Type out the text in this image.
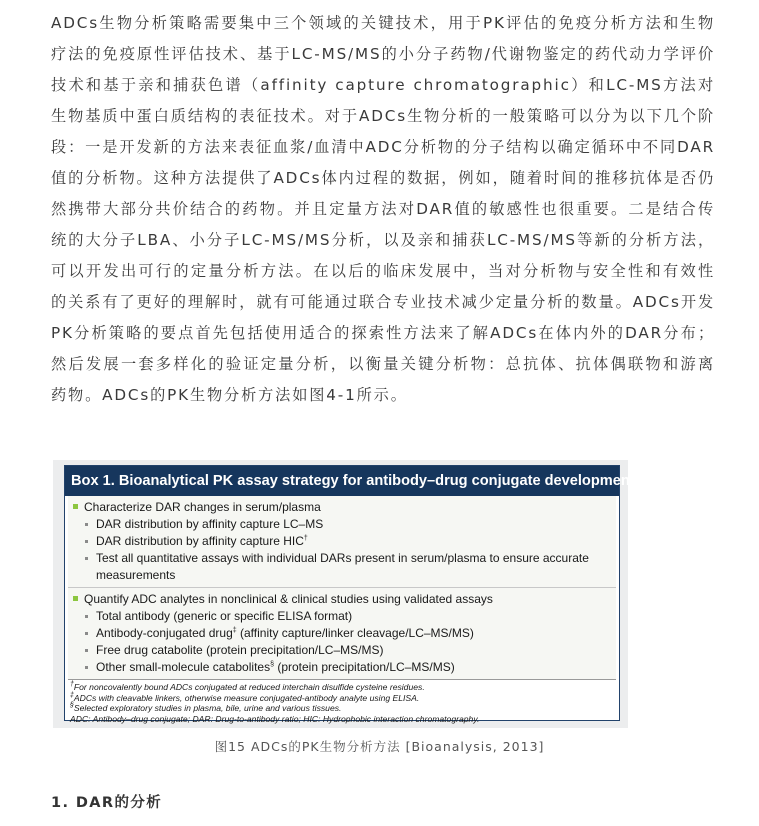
ADCs生物分析策略需要集中三个领域的关键技术，用于PK评估的免疫分析方法和生物疗法的免疫原性评估技术、基于LC-MS/MS的小分子药物/代谢物鉴定的药代动力学评价技术和基于亲和捕获色谱（affinity capture chromatographic）和LC-MS方法对生物基质中蛋白质结构的表征技术。对于ADCs生物分析的一般策略可以分为以下几个阶段：一是开发新的方法来表征血浆/血清中ADC分析物的分子结构以确定循环中不同DAR值的分析物。这种方法提供了ADCs体内过程的数据，例如，随着时间的推移抗体是否仍然携带大部分共价结合的药物。并且定量方法对DAR值的敏感性也很重要。二是结合传统的大分子LBA、小分子LC-MS/MS分析，以及亲和捕获LC-MS/MS等新的分析方法，可以开发出可行的定量分析方法。在以后的临床发展中，当对分析物与安全性和有效性的关系有了更好的理解时，就有可能通过联合专业技术减少定量分析的数量。ADCs开发PK分析策略的要点首先包括使用适合的探索性方法来了解ADCs在体内外的DAR分布；然后发展一套多样化的验证定量分析，以衡量关键分析物：总抗体、抗体偶联物和游离药物。ADCs的PK生物分析方法如图4-1所示。

Box 1. Bioanalytical PK assay strategy for antibody–drug conjugate development.
Characterize DAR changes in serum/plasma
DAR distribution by affinity capture LC–MS
DAR distribution by affinity capture HIC†
Test all quantitative assays with individual DARs present in serum/plasma to ensure accurate
measurements
Quantify ADC analytes in nonclinical & clinical studies using validated assays
Total antibody (generic or specific ELISA format)
Antibody-conjugated drug‡ (affinity capture/linker cleavage/LC–MS/MS)
Free drug catabolite (protein precipitation/LC–MS/MS)
Other small-molecule catabolites§ (protein precipitation/LC–MS/MS)
†For noncovalently bound ADCs conjugated at reduced interchain disulfide cysteine residues.
‡ADCs with cleavable linkers, otherwise measure conjugated-antibody analyte using ELISA.
§Selected exploratory studies in plasma, bile, urine and various tissues.
ADC: Antibody–drug conjugate; DAR: Drug-to-antibody ratio; HIC: Hydrophobic interaction chromatography.
图15 ADCs的PK生物分析方法 [Bioanalysis, 2013]
1. DAR的分析
